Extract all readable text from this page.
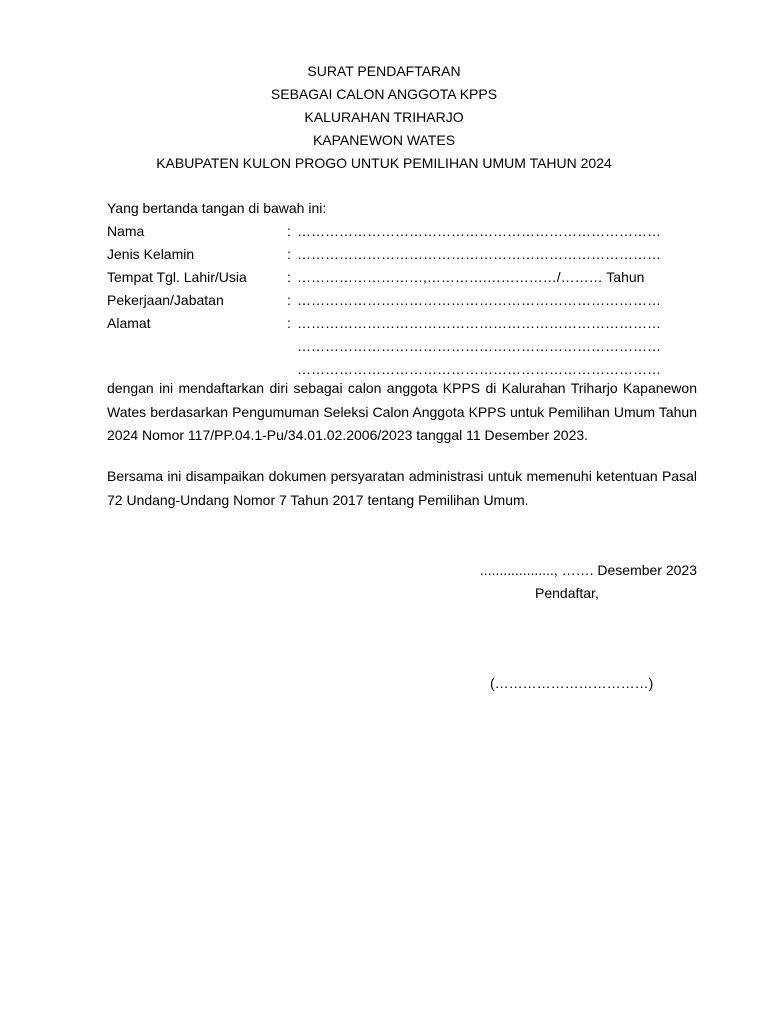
SURAT PENDAFTARAN
SEBAGAI CALON ANGGOTA KPPS
KALURAHAN TRIHARJO
KAPANEWON WATES
KABUPATEN KULON PROGO UNTUK PEMILIHAN UMUM TAHUN 2024
Yang bertanda tangan di bawah ini:
Nama	: ……………………………………………………………………
Jenis Kelamin	: ……………………………………………………………………
Tempat Tgl. Lahir/Usia	: ………………………,………….……………/……… Tahun
Pekerjaan/Jabatan	: ……………………………………………………………………
Alamat	: ……………………………………………………………………
……………………………………………………………………
……………………………………………………………………
dengan ini mendaftarkan diri sebagai calon anggota KPPS di Kalurahan Triharjo Kapanewon Wates berdasarkan Pengumuman Seleksi Calon Anggota KPPS untuk Pemilihan Umum Tahun 2024 Nomor 117/PP.04.1-Pu/34.01.02.2006/2023 tanggal 11 Desember 2023.
Bersama ini disampaikan dokumen persyaratan administrasi untuk memenuhi ketentuan Pasal 72 Undang-Undang Nomor 7 Tahun 2017 tentang Pemilihan Umum.
..................., ……. Desember 2023
Pendaftar,
(……………………………)
